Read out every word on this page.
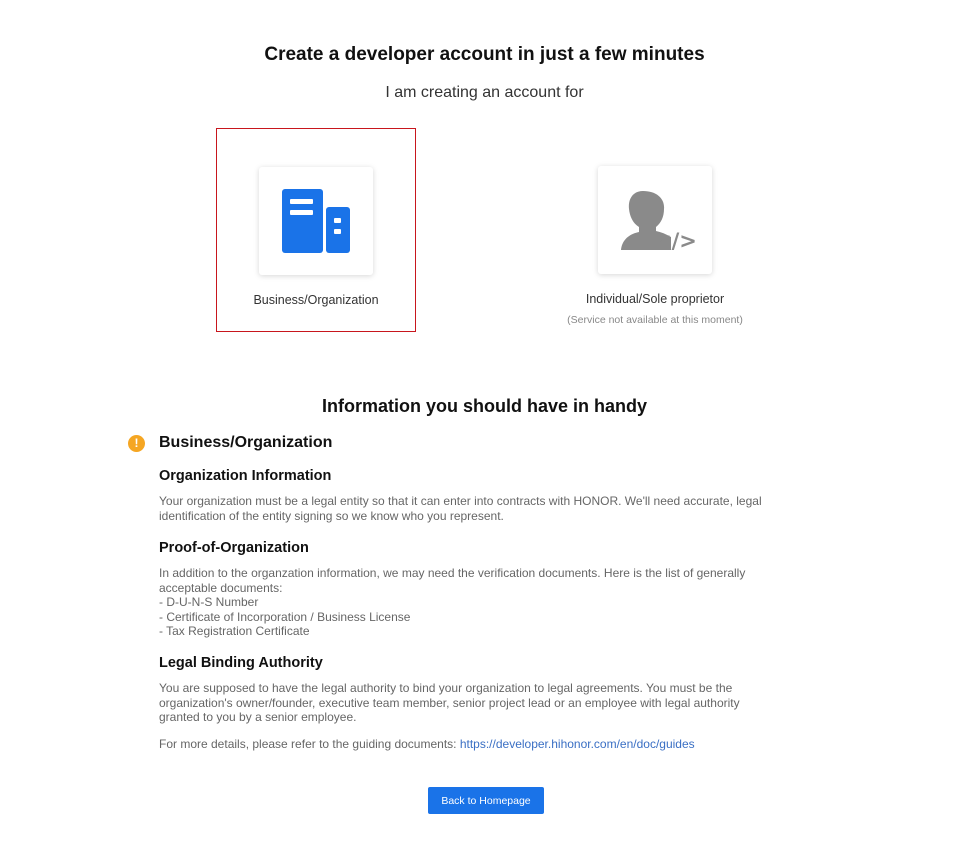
Create a developer account in just a few minutes

I am creating an account for

Business/Organization
</>
Individual/Sole proprietor
(Service not available at this moment)
Information you should have in handy
!	Business/Organization
Organization Information

Your organization must be a legal entity so that it can enter into contracts with HONOR. We'll need accurate, legal
identification of the entity signing so we know who you represent.

Proof-of-Organization

In addition to the organzation information, we may need the verification documents. Here is the list of generally
acceptable documents:
- D-U-N-S Number
- Certificate of Incorporation / Business License
- Tax Registration Certificate

Legal Binding Authority

You are supposed to have the legal authority to bind your organization to legal agreements. You must be the
organization's owner/founder, executive team member, senior project lead or an employee with legal authority
granted to you by a senior employee.

For more details, please refer to the guiding documents: https://developer.hihonor.com/en/doc/guides

Back to Homepage
